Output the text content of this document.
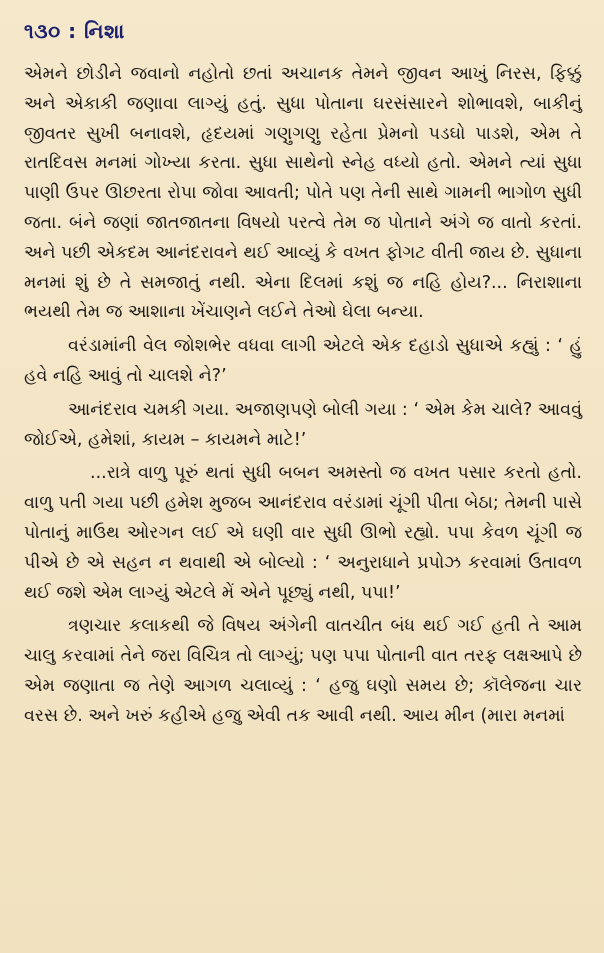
૧૩૦ : નિશા

એમને છોડીને જવાનો નહોતો છતાં અચાનક તેમને જીવન આખું નિરસ, ફિક્કું અને એકાકી જણાવા લાગ્યું હતું. સુધા પોતાના ઘરસંસારને શોભાવશે, બાકીનું જીવતર સુખી બનાવશે, હૃદયમાં ગણુગણુ રહેતા પ્રેમનો પડઘો પાડશે, એમ તે રાતદિવસ મનમાં ગોખ્યા કરતા. સુધા સાથેનો સ્નેહ વધ્યો હતો. એમને ત્યાં સુધા પાણી ઉપર ઊછરતા રોપા જોવા આવતી; પોતે પણ તેની સાથે ગામની ભાગોળ સુધી જતા. બંને જણાં જાતજાતના વિષયો પરત્વે તેમ જ પોતાને અંગે જ વાતો કરતાં. અને પછી એકદમ આનંદરાવને થઈ આવ્યું કે વખત ફોગટ વીતી જાય છે. સુધાના મનમાં શું છે તે સમજાતું નથી. એના દિલમાં કશું જ નહિ હોય?... નિરાશાના ભયથી તેમ જ આશાના ખેંચાણને લઈને તેઓ ઘેલા બન્યા.

વરંડામાંની વેલ જોશભેર વધવા લાગી એટલે એક દહાડો સુધાએ કહ્યું : ‘ હું હવે નહિ આવું તો ચાલશે ને?’

આનંદરાવ ચમકી ગયા. અજાણપણે બોલી ગયા : ‘ એમ કેમ ચાલે? આવવું જોઈએ, હમેશાં, કાયમ – કાયમને માટે!’

...રાત્રે વાળુ પૂરું થતાં સુધી બબન અમસ્તો જ વખત પસાર કરતો હતો. વાળુ પતી ગયા પછી હમેશ મુજબ આનંદરાવ વરંડામાં ચૂંગી પીતા બેઠા; તેમની પાસે પોતાનું માઉથ ઓરગન લઈ એ ઘણી વાર સુધી ઊભો રહ્યો. પપા કેવળ ચૂંગી જ પીએ છે એ સહન ન થવાથી એ બોલ્યો : ‘ અનુરાધાને પ્રપોઝ કરવામાં ઉતાવળ થઈ જશે એમ લાગ્યું એટલે મેં એને પૂછ્યું નથી, પપા!’

ત્રણચાર કલાકથી જે વિષય અંગેની વાતચીત બંધ થઈ ગઈ હતી તે આમ ચાલુ કરવામાં તેને જરા વિચિત્ર તો લાગ્યું; પણ પપા પોતાની વાત તરફ લક્ષઆપે છે એમ જણાતા જ તેણે આગળ ચલાવ્યું : ‘ હજુ ઘણો સમય છે; કૉલેજના ચાર વરસ છે. અને ખરું કહીએ હજુ એવી તક આવી નથી. આય મીન (મારા મનમાં
